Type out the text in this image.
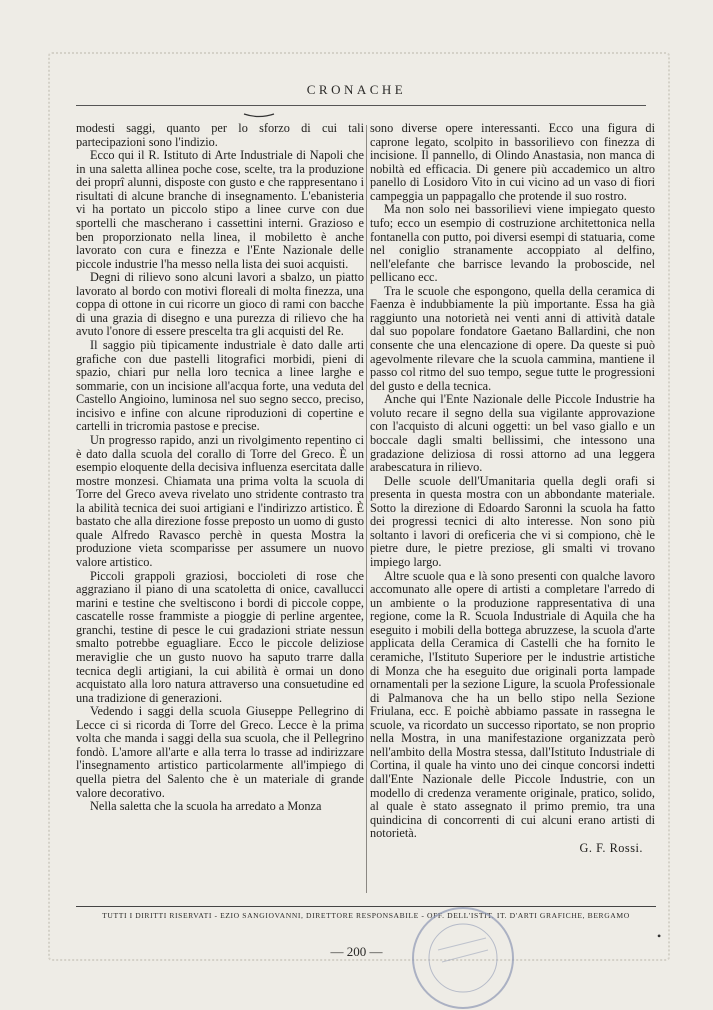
CRONACHE

modesti saggi, quanto per lo sforzo di cui tali partecipazioni sono l'indizio.

Ecco qui il R. Istituto di Arte Industriale di Napoli che in una saletta allinea poche cose, scelte, tra la produzione dei proprî alunni, disposte con gusto e che rappresentano i risultati di alcune branche di insegnamento. L'ebanisteria vi ha portato un piccolo stipo a linee curve con due sportelli che mascherano i cassettini interni. Grazioso e ben proporzionato nella linea, il mobiletto è anche lavorato con cura e finezza e l'Ente Nazionale delle piccole industrie l'ha messo nella lista dei suoi acquisti.

Degni di rilievo sono alcuni lavori a sbalzo, un piatto lavorato al bordo con motivi floreali di molta finezza, una coppa di ottone in cui ricorre un gioco di rami con bacche di una grazia di disegno e una purezza di rilievo che ha avuto l'onore di essere prescelta tra gli acquisti del Re.

Il saggio più tipicamente industriale è dato dalle arti grafiche con due pastelli litografici morbidi, pieni di spazio, chiari pur nella loro tecnica a linee larghe e sommarie, con un incisione all'acqua forte, una veduta del Castello Angioino, luminosa nel suo segno secco, preciso, incisivo e infine con alcune riproduzioni di copertine e cartelli in tricromia pastose e precise.

Un progresso rapido, anzi un rivolgimento repentino ci è dato dalla scuola del corallo di Torre del Greco. È un esempio eloquente della decisiva influenza esercitata dalle mostre monzesi. Chiamata una prima volta la scuola di Torre del Greco aveva rivelato uno stridente contrasto tra la abilità tecnica dei suoi artigiani e l'indirizzo artistico. È bastato che alla direzione fosse preposto un uomo di gusto quale Alfredo Ravasco perchè in questa Mostra la produzione vieta scomparisse per assumere un nuovo valore artistico.

Piccoli grappoli graziosi, boccioleti di rose che aggraziano il piano di una scatoletta di onice, cavallucci marini e testine che sveltiscono i bordi di piccole coppe, cascatelle rosse frammiste a pioggie di perline argentee, granchi, testine di pesce le cui gradazioni striate nessun smalto potrebbe eguagliare. Ecco le piccole deliziose meraviglie che un gusto nuovo ha saputo trarre dalla tecnica degli artigiani, la cui abilità è ormai un dono acquistato alla loro natura attraverso una consuetudine ed una tradizione di generazioni.

Vedendo i saggi della scuola Giuseppe Pellegrino di Lecce ci si ricorda di Torre del Greco. Lecce è la prima volta che manda i saggi della sua scuola, che il Pellegrino fondò. L'amore all'arte e alla terra lo trasse ad indirizzare l'insegnamento artistico particolarmente all'impiego di quella pietra del Salento che è un materiale di grande valore decorativo.

Nella saletta che la scuola ha arredato a Monza

sono diverse opere interessanti. Ecco una figura di caprone legato, scolpito in bassorilievo con finezza di incisione. Il pannello, di Olindo Anastasia, non manca di nobiltà ed efficacia. Di genere più accademico un altro panello di Losidoro Vito in cui vicino ad un vaso di fiori campeggia un pappagallo che protende il suo rostro.

Ma non solo nei bassorilievi viene impiegato questo tufo; ecco un esempio di costruzione architettonica nella fontanella con putto, poi diversi esempi di statuaria, come nel coniglio stranamente accoppiato al delfino, nell'elefante che barrisce levando la proboscide, nel pellicano ecc.

Tra le scuole che espongono, quella della ceramica di Faenza è indubbiamente la più importante. Essa ha già raggiunto una notorietà nei venti anni di attività datale dal suo popolare fondatore Gaetano Ballardini, che non consente che una elencazione di opere. Da queste si può agevolmente rilevare che la scuola cammina, mantiene il passo col ritmo del suo tempo, segue tutte le progressioni del gusto e della tecnica.

Anche qui l'Ente Nazionale delle Piccole Industrie ha voluto recare il segno della sua vigilante approvazione con l'acquisto di alcuni oggetti: un bel vaso giallo e un boccale dagli smalti bellissimi, che intessono una gradazione deliziosa di rossi attorno ad una leggera arabescatura in rilievo.

Delle scuole dell'Umanitaria quella degli orafi si presenta in questa mostra con un abbondante materiale. Sotto la direzione di Edoardo Saronni la scuola ha fatto dei progressi tecnici di alto interesse. Non sono più soltanto i lavori di oreficeria che vi si compiono, chè le pietre dure, le pietre preziose, gli smalti vi trovano impiego largo.

Altre scuole qua e là sono presenti con qualche lavoro accomunato alle opere di artisti a completare l'arredo di un ambiente o la produzione rappresentativa di una regione, come la R. Scuola Industriale di Aquila che ha eseguito i mobili della bottega abruzzese, la scuola d'arte applicata della Ceramica di Castelli che ha fornito le ceramiche, l'Istituto Superiore per le industrie artistiche di Monza che ha eseguito due originali porta lampade ornamentali per la sezione Ligure, la scuola Professionale di Palmanova che ha un bello stipo nella Sezione Friulana, ecc. E poichè abbiamo passate in rassegna le scuole, va ricordato un successo riportato, se non proprio nella Mostra, in una manifestazione organizzata però nell'ambito della Mostra stessa, dall'Istituto Industriale di Cortina, il quale ha vinto uno dei cinque concorsi indetti dall'Ente Nazionale delle Piccole Industrie, con un modello di credenza veramente originale, pratico, solido, al quale è stato assegnato il primo premio, tra una quindicina di concorrenti di cui alcuni erano artisti di notorietà.

G. F. Rossi.

TUTTI I DIRITTI RISERVATI - EZIO SANGIOVANNI, DIRETTORE RESPONSABILE - OFF. DELL'ISTIT. IT. D'ARTI GRAFICHE, BERGAMO
— 200 —
•
